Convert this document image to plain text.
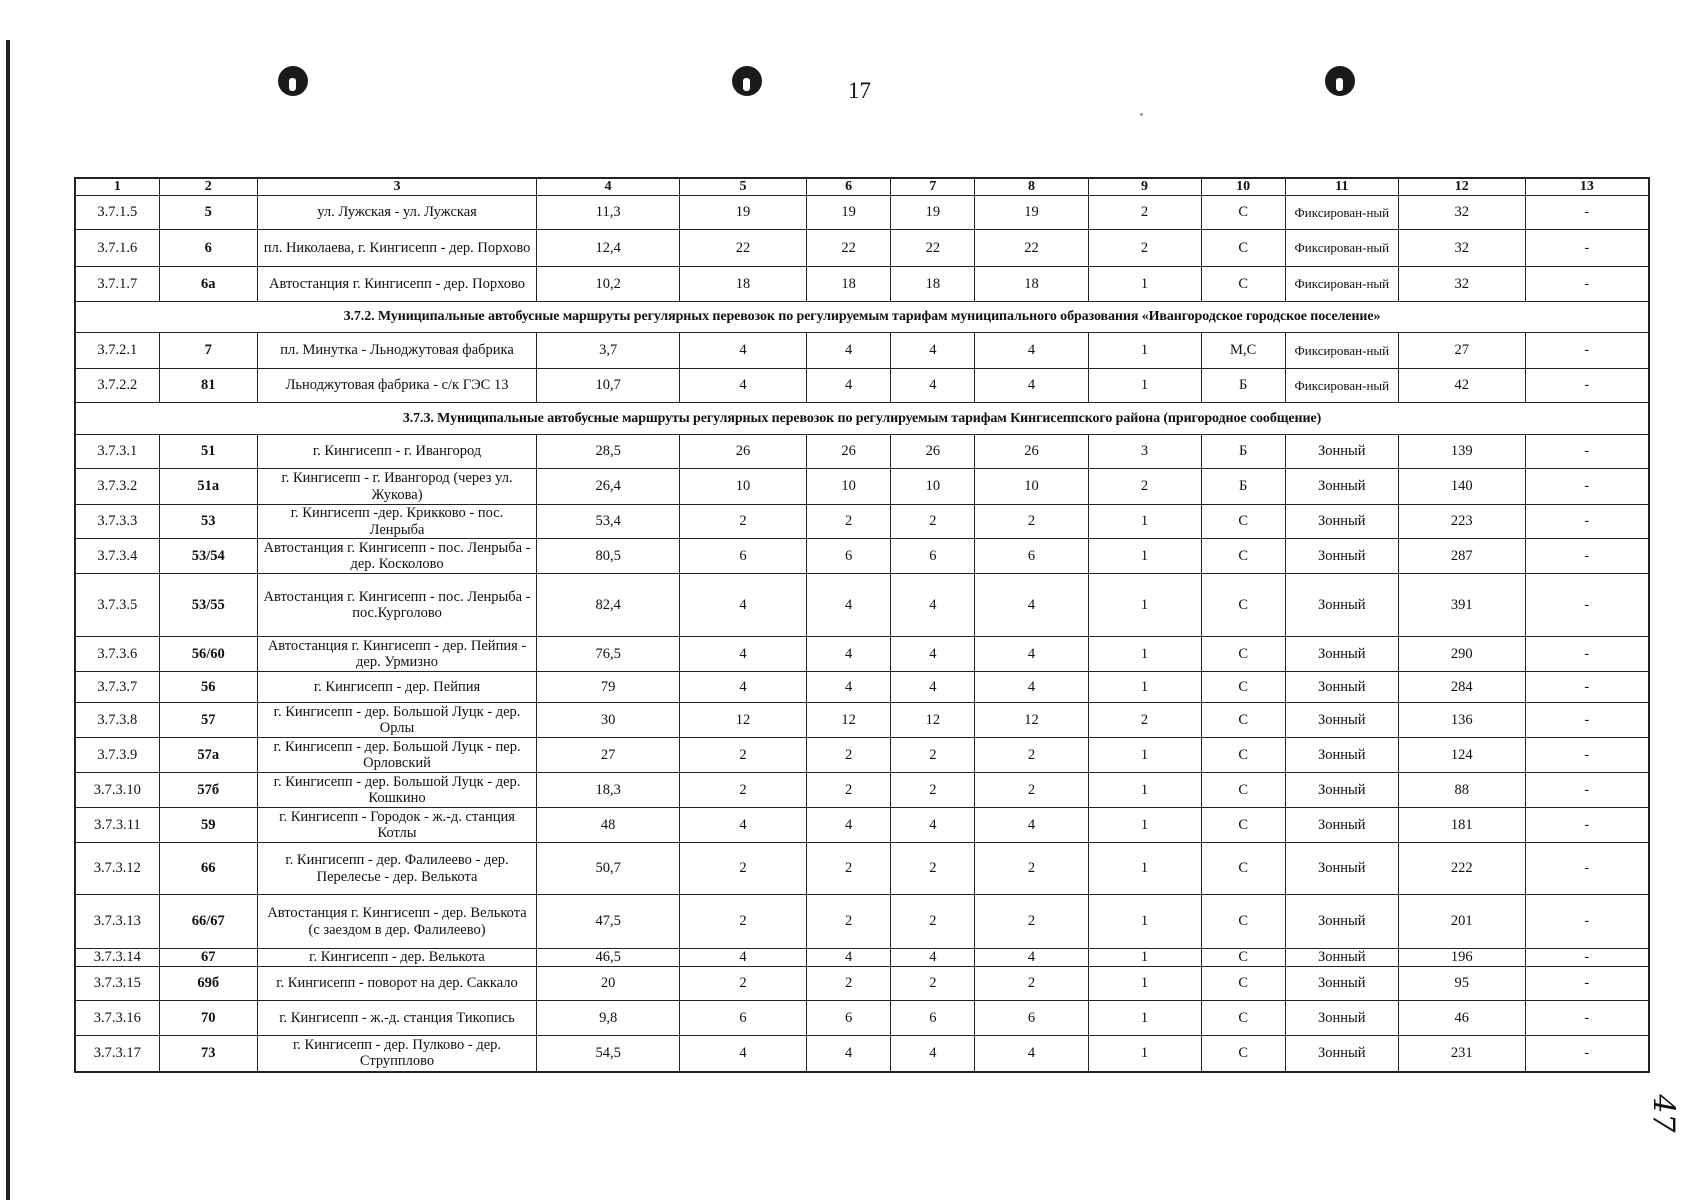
17
47
1	2	3	4	5	6	7	8	9	10	11	12	13
3.7.1.5	5	ул. Лужская - ул. Лужская	11,3	19	19	19	19	2	С	Фиксирован-ный	32	-
3.7.1.6	6	пл. Николаева, г. Кингисепп - дер. Порхово	12,4	22	22	22	22	2	С	Фиксирован-ный	32	-
3.7.1.7	6а	Автостанция г. Кингисепп - дер. Порхово	10,2	18	18	18	18	1	С	Фиксирован-ный	32	-
3.7.2. Муниципальные автобусные маршруты регулярных перевозок по регулируемым тарифам муниципального образования «Ивангородское городское поселение»												
3.7.2.1	7	пл. Минутка - Льноджутовая фабрика	3,7	4	4	4	4	1	М,С	Фиксирован-ный	27	-
3.7.2.2	81	Льноджутовая фабрика - с/к ГЭС 13	10,7	4	4	4	4	1	Б	Фиксирован-ный	42	-
3.7.3. Муниципальные автобусные маршруты регулярных перевозок по регулируемым тарифам Кингисеппского района (пригородное сообщение)												
3.7.3.1	51	г. Кингисепп - г. Ивангород	28,5	26	26	26	26	3	Б	Зонный	139	-
3.7.3.2	51а	г. Кингисепп - г. Ивангород (через ул. Жукова)	26,4	10	10	10	10	2	Б	Зонный	140	-
3.7.3.3	53	г. Кингисепп -дер. Крикково - пос. Ленрыба	53,4	2	2	2	2	1	С	Зонный	223	-
3.7.3.4	53/54	Автостанция г. Кингисепп - пос. Ленрыба - дер. Косколово	80,5	6	6	6	6	1	С	Зонный	287	-
3.7.3.5	53/55	Автостанция г. Кингисепп - пос. Ленрыба - пос.Курголово	82,4	4	4	4	4	1	С	Зонный	391	-
3.7.3.6	56/60	Автостанция г. Кингисепп - дер. Пейпия - дер. Урмизно	76,5	4	4	4	4	1	С	Зонный	290	-
3.7.3.7	56	г. Кингисепп - дер. Пейпия	79	4	4	4	4	1	С	Зонный	284	-
3.7.3.8	57	г. Кингисепп - дер. Большой Луцк - дер. Орлы	30	12	12	12	12	2	С	Зонный	136	-
3.7.3.9	57а	г. Кингисепп - дер. Большой Луцк - пер. Орловский	27	2	2	2	2	1	С	Зонный	124	-
3.7.3.10	57б	г. Кингисепп - дер. Большой Луцк - дер. Кошкино	18,3	2	2	2	2	1	С	Зонный	88	-
3.7.3.11	59	г. Кингисепп - Городок - ж.-д. станция Котлы	48	4	4	4	4	1	С	Зонный	181	-
3.7.3.12	66	г. Кингисепп - дер. Фалилеево - дер. Перелесье - дер. Велькота	50,7	2	2	2	2	1	С	Зонный	222	-
3.7.3.13	66/67	Автостанция г. Кингисепп - дер. Велькота (с заездом в дер. Фалилеево)	47,5	2	2	2	2	1	С	Зонный	201	-
3.7.3.14	67	г. Кингисепп - дер. Велькота	46,5	4	4	4	4	1	С	Зонный	196	-
3.7.3.15	69б	г. Кингисепп - поворот на дер. Саккало	20	2	2	2	2	1	С	Зонный	95	-
3.7.3.16	70	г. Кингисепп - ж.-д. станция Тикопись	9,8	6	6	6	6	1	С	Зонный	46	-
3.7.3.17	73	г. Кингисепп - дер. Пулково - дер. Струпплово	54,5	4	4	4	4	1	С	Зонный	231	-
